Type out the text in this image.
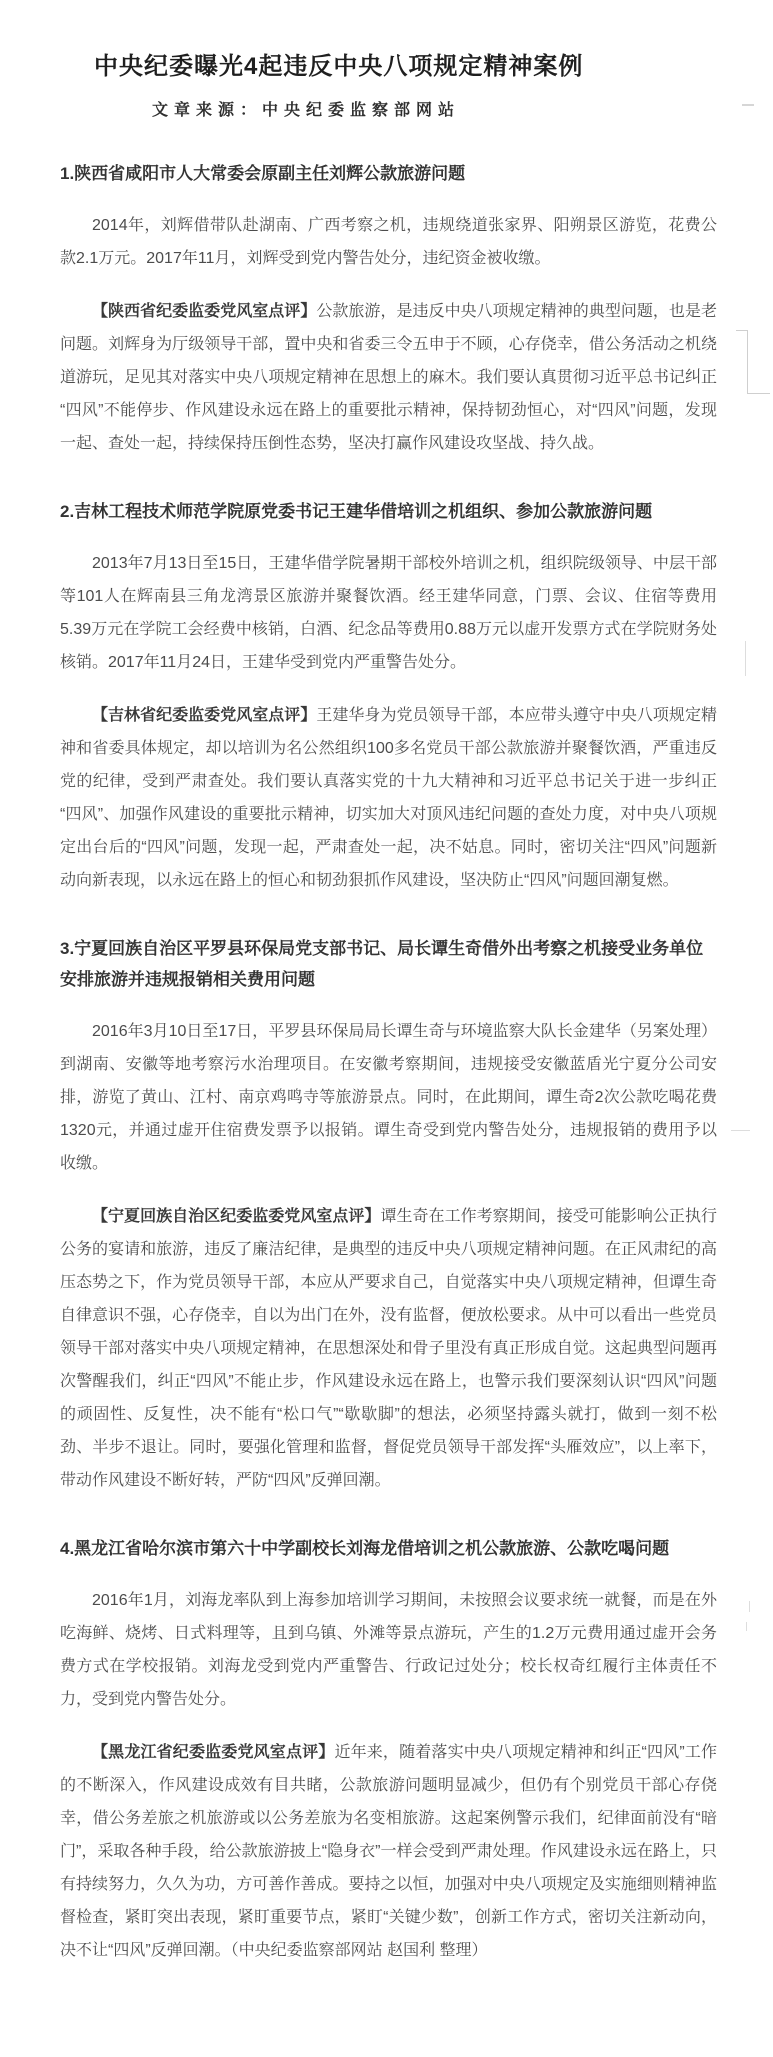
中央纪委曝光4起违反中央八项规定精神案例
文章来源：中央纪委监察部网站
1.陕西省咸阳市人大常委会原副主任刘辉公款旅游问题

2014年，刘辉借带队赴湖南、广西考察之机，违规绕道张家界、阳朔景区游览，花费公款2.1万元。2017年11月，刘辉受到党内警告处分，违纪资金被收缴。

【陕西省纪委监委党风室点评】公款旅游，是违反中央八项规定精神的典型问题，也是老问题。刘辉身为厅级领导干部，置中央和省委三令五申于不顾，心存侥幸，借公务活动之机绕道游玩，足见其对落实中央八项规定精神在思想上的麻木。我们要认真贯彻习近平总书记纠正“四风”不能停步、作风建设永远在路上的重要批示精神，保持韧劲恒心，对“四风”问题，发现一起、查处一起，持续保持压倒性态势，坚决打赢作风建设攻坚战、持久战。

2.吉林工程技术师范学院原党委书记王建华借培训之机组织、参加公款旅游问题

2013年7月13日至15日，王建华借学院暑期干部校外培训之机，组织院级领导、中层干部等101人在辉南县三角龙湾景区旅游并聚餐饮酒。经王建华同意，门票、会议、住宿等费用5.39万元在学院工会经费中核销，白酒、纪念品等费用0.88万元以虚开发票方式在学院财务处核销。2017年11月24日，王建华受到党内严重警告处分。

【吉林省纪委监委党风室点评】王建华身为党员领导干部，本应带头遵守中央八项规定精神和省委具体规定，却以培训为名公然组织100多名党员干部公款旅游并聚餐饮酒，严重违反党的纪律，受到严肃查处。我们要认真落实党的十九大精神和习近平总书记关于进一步纠正“四风”、加强作风建设的重要批示精神，切实加大对顶风违纪问题的查处力度，对中央八项规定出台后的“四风”问题，发现一起，严肃查处一起，决不姑息。同时，密切关注“四风”问题新动向新表现，以永远在路上的恒心和韧劲狠抓作风建设，坚决防止“四风”问题回潮复燃。

3.宁夏回族自治区平罗县环保局党支部书记、局长谭生奇借外出考察之机接受业务单位安排旅游并违规报销相关费用问题

2016年3月10日至17日，平罗县环保局局长谭生奇与环境监察大队长金建华（另案处理）到湖南、安徽等地考察污水治理项目。在安徽考察期间，违规接受安徽蓝盾光宁夏分公司安排，游览了黄山、江村、南京鸡鸣寺等旅游景点。同时，在此期间，谭生奇2次公款吃喝花费1320元，并通过虚开住宿费发票予以报销。谭生奇受到党内警告处分，违规报销的费用予以收缴。

【宁夏回族自治区纪委监委党风室点评】谭生奇在工作考察期间，接受可能影响公正执行公务的宴请和旅游，违反了廉洁纪律，是典型的违反中央八项规定精神问题。在正风肃纪的高压态势之下，作为党员领导干部，本应从严要求自己，自觉落实中央八项规定精神，但谭生奇自律意识不强，心存侥幸，自以为出门在外，没有监督，便放松要求。从中可以看出一些党员领导干部对落实中央八项规定精神，在思想深处和骨子里没有真正形成自觉。这起典型问题再次警醒我们，纠正“四风”不能止步，作风建设永远在路上，也警示我们要深刻认识“四风”问题的顽固性、反复性，决不能有“松口气”“歇歇脚”的想法，必须坚持露头就打，做到一刻不松劲、半步不退让。同时，要强化管理和监督，督促党员领导干部发挥“头雁效应”，以上率下，带动作风建设不断好转，严防“四风”反弹回潮。

4.黑龙江省哈尔滨市第六十中学副校长刘海龙借培训之机公款旅游、公款吃喝问题

2016年1月，刘海龙率队到上海参加培训学习期间，未按照会议要求统一就餐，而是在外吃海鲜、烧烤、日式料理等，且到乌镇、外滩等景点游玩，产生的1.2万元费用通过虚开会务费方式在学校报销。刘海龙受到党内严重警告、行政记过处分；校长权奇红履行主体责任不力，受到党内警告处分。

【黑龙江省纪委监委党风室点评】近年来，随着落实中央八项规定精神和纠正“四风”工作的不断深入，作风建设成效有目共睹，公款旅游问题明显减少，但仍有个别党员干部心存侥幸，借公务差旅之机旅游或以公务差旅为名变相旅游。这起案例警示我们，纪律面前没有“暗门”，采取各种手段，给公款旅游披上“隐身衣”一样会受到严肃处理。作风建设永远在路上，只有持续努力，久久为功，方可善作善成。要持之以恒，加强对中央八项规定及实施细则精神监督检查，紧盯突出表现，紧盯重要节点，紧盯“关键少数”，创新工作方式，密切关注新动向，决不让“四风”反弹回潮。（中央纪委监察部网站 赵国利 整理）
